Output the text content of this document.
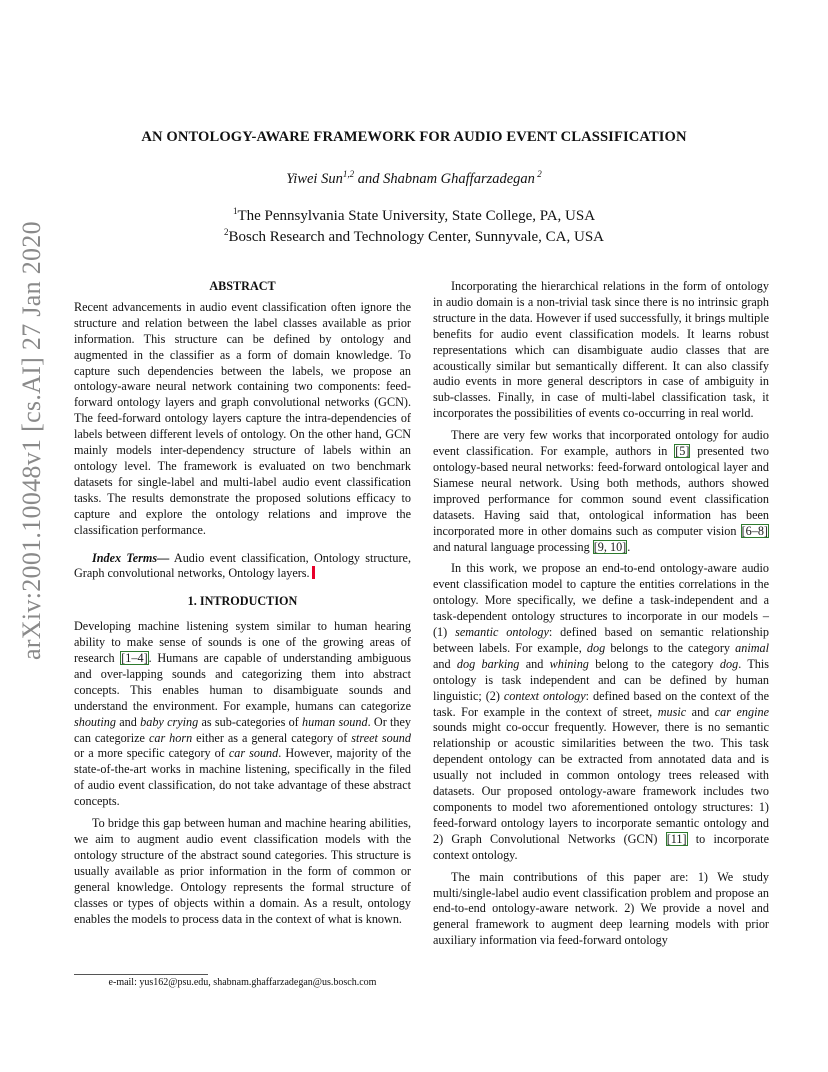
arXiv:2001.10048v1 [cs.AI] 27 Jan 2020
AN ONTOLOGY-AWARE FRAMEWORK FOR AUDIO EVENT CLASSIFICATION
Yiwei Sun$^{1,2}$ and Shabnam Ghaffarzadegan $^2$
$^1$The Pennsylvania State University, State College, PA, USA
$^2$Bosch Research and Technology Center, Sunnyvale, CA, USA
ABSTRACT

Recent advancements in audio event classification often ignore the structure and relation between the label classes available as prior information. This structure can be defined by ontology and augmented in the classifier as a form of domain knowledge. To capture such dependencies between the labels, we propose an ontology-aware neural network containing two components: feed-forward ontology layers and graph convolutional networks (GCN). The feed-forward ontology layers capture the intra-dependencies of labels between different levels of ontology. On the other hand, GCN mainly models inter-dependency structure of labels within an ontology level. The framework is evaluated on two benchmark datasets for single-label and multi-label audio event classification tasks. The results demonstrate the proposed solutions efficacy to capture and explore the ontology relations and improve the classification performance.

Index Terms— Audio event classification, Ontology structure, Graph convolutional networks, Ontology layers.

1. INTRODUCTION

Developing machine listening system similar to human hearing ability to make sense of sounds is one of the growing areas of research [1–4]. Humans are capable of understanding ambiguous and over-lapping sounds and categorizing them into abstract concepts. This enables human to disambiguate sounds and understand the environment. For example, humans can categorize shouting and baby crying as sub-categories of human sound. Or they can categorize car horn either as a general category of street sound or a more specific category of car sound. However, majority of the state-of-the-art works in machine listening, specifically in the filed of audio event classification, do not take advantage of these abstract concepts.

To bridge this gap between human and machine hearing abilities, we aim to augment audio event classification models with the ontology structure of the abstract sound categories. This structure is usually available as prior information in the form of common or general knowledge. Ontology represents the formal structure of classes or types of objects within a domain. As a result, ontology enables the models to process data in the context of what is known.

e-mail: yus162@psu.edu, shabnam.ghaffarzadegan@us.bosch.com

Incorporating the hierarchical relations in the form of ontology in audio domain is a non-trivial task since there is no intrinsic graph structure in the data. However if used successfully, it brings multiple benefits for audio event classification models. It learns robust representations which can disambiguate audio classes that are acoustically similar but semantically different. It can also classify audio events in more general descriptors in case of ambiguity in sub-classes. Finally, in case of multi-label classification task, it incorporates the possibilities of events co-occurring in real world.

There are very few works that incorporated ontology for audio event classification. For example, authors in [5] presented two ontology-based neural networks: feed-forward ontological layer and Siamese neural network. Using both methods, authors showed improved performance for common sound event classification datasets. Having said that, ontological information has been incorporated more in other domains such as computer vision [6–8] and natural language processing [9, 10].

In this work, we propose an end-to-end ontology-aware audio event classification model to capture the entities correlations in the ontology. More specifically, we define a task-independent and a task-dependent ontology structures to incorporate in our models – (1) semantic ontology: defined based on semantic relationship between labels. For example, dog belongs to the category animal and dog barking and whining belong to the category dog. This ontology is task independent and can be defined by human linguistic; (2) context ontology: defined based on the context of the task. For example in the context of street, music and car engine sounds might co-occur frequently. However, there is no semantic relationship or acoustic similarities between the two. This task dependent ontology can be extracted from annotated data and is usually not included in common ontology trees released with datasets. Our proposed ontology-aware framework includes two components to model two aforementioned ontology structures: 1) feed-forward ontology layers to incorporate semantic ontology and 2) Graph Convolutional Networks (GCN) [11] to incorporate context ontology.

The main contributions of this paper are: 1) We study multi/single-label audio event classification problem and propose an end-to-end ontology-aware network. 2) We provide a novel and general framework to augment deep learning models with prior auxiliary information via feed-forward ontology
